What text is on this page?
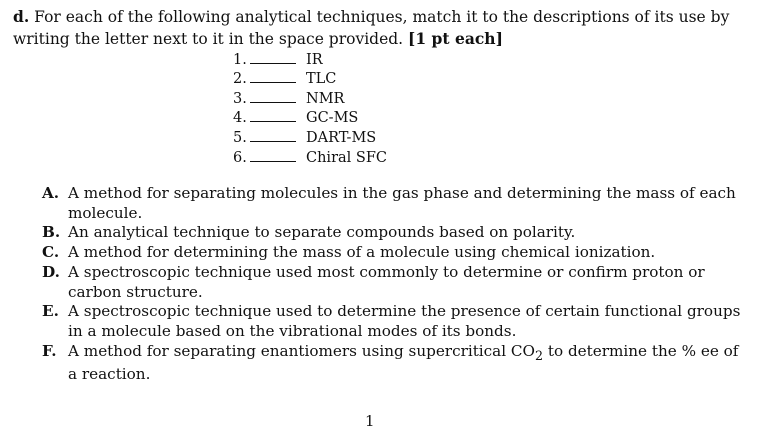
d. For each of the following analytical techniques, match it to the descriptions of its use by writing the letter next to it in the space provided. [1 pt each]
1.	IR
2.	TLC
3.	NMR
4.	GC-MS
5.	DART-MS
6.	Chiral SFC
A. A method for separating molecules in the gas phase and determining the mass of each molecule.
B. An analytical technique to separate compounds based on polarity.
C. A method for determining the mass of a molecule using chemical ionization.
D. A spectroscopic technique used most commonly to determine or confirm proton or carbon structure.
E. A spectroscopic technique used to determine the presence of certain functional groups in a molecule based on the vibrational modes of its bonds.
F. A method for separating enantiomers using supercritical $CO_2$ to determine the % ee of a reaction.
1
